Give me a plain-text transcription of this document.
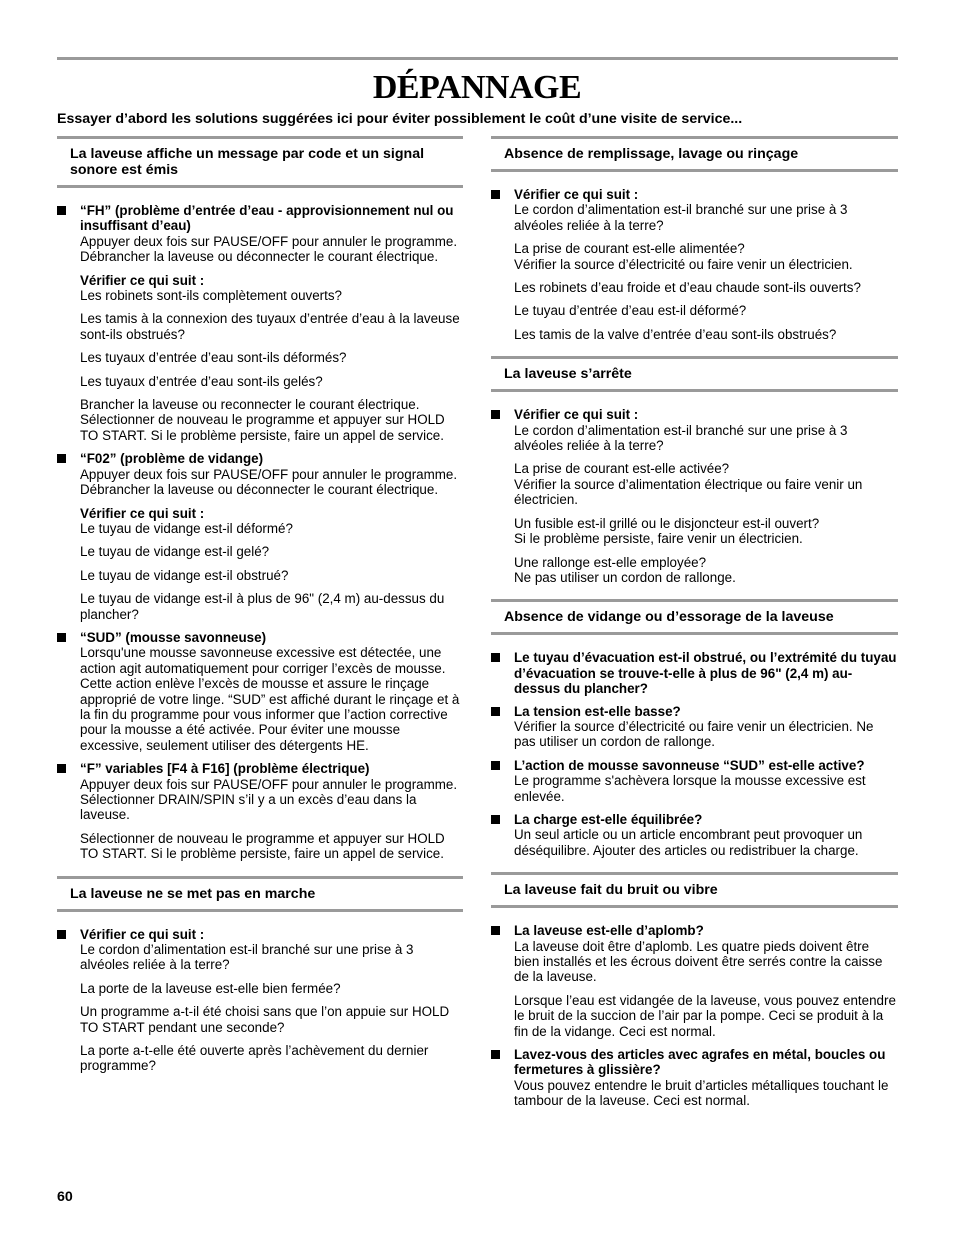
DÉPANNAGE
Essayer d’abord les solutions suggérées ici pour éviter possiblement le coût d’une visite de service...
La laveuse affiche un message par code et un signal sonore est émis
“FH” (problème d’entrée d’eau - approvisionnement nul ou insuffisant d’eau)

Appuyer deux fois sur PAUSE/OFF pour annuler le programme. Débrancher la laveuse ou déconnecter le courant électrique.

Vérifier ce qui suit :
Les robinets sont-ils complètement ouverts?

Les tamis à la connexion des tuyaux d’entrée d’eau à la laveuse sont-ils obstrués?

Les tuyaux d’entrée d’eau sont-ils déformés?

Les tuyaux d’entrée d’eau sont-ils gelés?

Brancher la laveuse ou reconnecter le courant électrique. Sélectionner de nouveau le programme et appuyer sur HOLD TO START. Si le problème persiste, faire un appel de service.

“F02” (problème de vidange)

Appuyer deux fois sur PAUSE/OFF pour annuler le programme. Débrancher la laveuse ou déconnecter le courant électrique.

Vérifier ce qui suit :
Le tuyau de vidange est-il déformé?

Le tuyau de vidange est-il gelé?

Le tuyau de vidange est-il obstrué?

Le tuyau de vidange est-il à plus de 96" (2,4 m) au-dessus du plancher?

“SUD” (mousse savonneuse)

Lorsqu'une mousse savonneuse excessive est détectée, une action agit automatiquement pour corriger l’excès de mousse. Cette action enlève l’excès de mousse et assure le rinçage approprié de votre linge. “SUD” est affiché durant le rinçage et à la fin du programme pour vous informer que l’action corrective pour la mousse a été activée. Pour éviter une mousse excessive, seulement utiliser des détergents HE.

“F” variables [F4 à F16] (problème électrique)

Appuyer deux fois sur PAUSE/OFF pour annuler le programme. Sélectionner DRAIN/SPIN s’il y a un excès d’eau dans la laveuse.

Sélectionner de nouveau le programme et appuyer sur HOLD TO START. Si le problème persiste, faire un appel de service.

La laveuse ne se met pas en marche
Vérifier ce qui suit :

Le cordon d’alimentation est-il branché sur une prise à 3 alvéoles reliée à la terre?

La porte de la laveuse est-elle bien fermée?

Un programme a-t-il été choisi sans que l’on appuie sur HOLD TO START pendant une seconde?

La porte a-t-elle été ouverte après l’achèvement du dernier programme?

Absence de remplissage, lavage ou rinçage
Vérifier ce qui suit :

Le cordon d’alimentation est-il branché sur une prise à 3 alvéoles reliée à la terre?

La prise de courant est-elle alimentée?
Vérifier la source d’électricité ou faire venir un électricien.

Les robinets d’eau froide et d’eau chaude sont-ils ouverts?

Le tuyau d’entrée d’eau est-il déformé?

Les tamis de la valve d’entrée d’eau sont-ils obstrués?

La laveuse s’arrête
Vérifier ce qui suit :

Le cordon d’alimentation est-il branché sur une prise à 3 alvéoles reliée à la terre?

La prise de courant est-elle activée?
Vérifier la source d’alimentation électrique ou faire venir un électricien.

Un fusible est-il grillé ou le disjoncteur est-il ouvert?
Si le problème persiste, faire venir un électricien.

Une rallonge est-elle employée?
Ne pas utiliser un cordon de rallonge.

Absence de vidange ou d’essorage de la laveuse
Le tuyau d’évacuation est-il obstrué, ou l’extrémité du tuyau d’évacuation se trouve-t-elle à plus de 96" (2,4 m) au-dessus du plancher?
La tension est-elle basse?

Vérifier la source d’électricité ou faire venir un électricien. Ne pas utiliser un cordon de rallonge.

L’action de mousse savonneuse “SUD” est-elle active?

Le programme s'achèvera lorsque la mousse excessive est enlevée.

La charge est-elle équilibrée?

Un seul article ou un article encombrant peut provoquer un déséquilibre. Ajouter des articles ou redistribuer la charge.

La laveuse fait du bruit ou vibre
La laveuse est-elle d’aplomb?

La laveuse doit être d’aplomb. Les quatre pieds doivent être bien installés et les écrous doivent être serrés contre la caisse de la laveuse.

Lorsque l’eau est vidangée de la laveuse, vous pouvez entendre le bruit de la succion de l’air par la pompe. Ceci se produit à la fin de la vidange. Ceci est normal.

Lavez-vous des articles avec agrafes en métal, boucles ou fermetures à glissière?

Vous pouvez entendre le bruit d’articles métalliques touchant le tambour de la laveuse. Ceci est normal.

60
